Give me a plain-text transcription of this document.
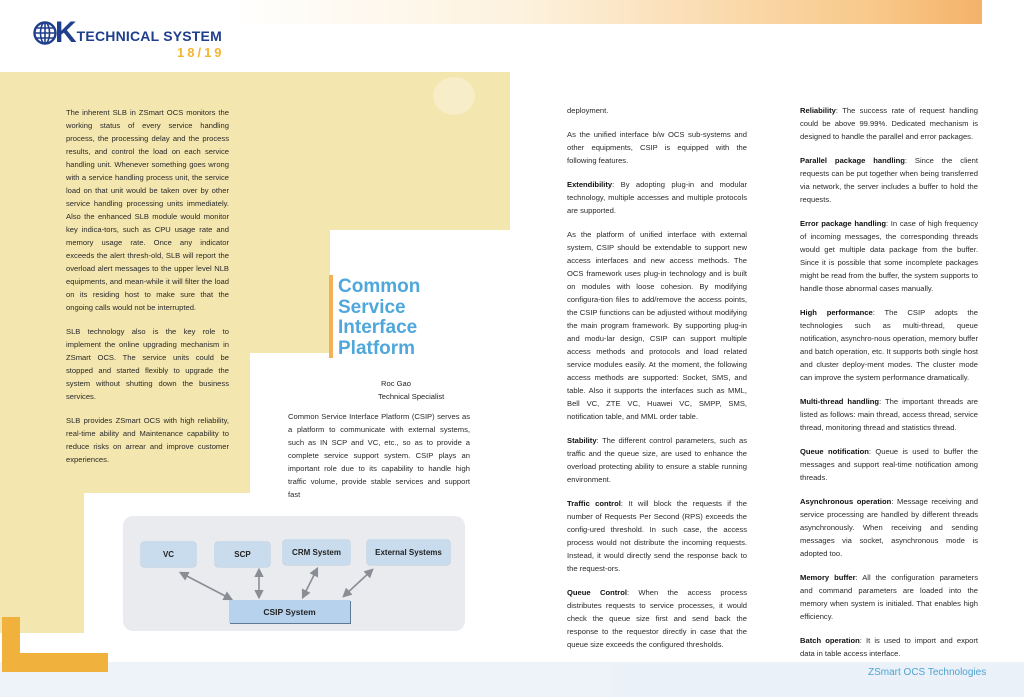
K TECHNICAL SYSTEM
18/19

The inherent SLB in ZSmart OCS monitors the working status of every service handling process, the processing delay and the process results, and control the load on each service handling unit. Whenever something goes wrong with a service handling process unit, the service load on that unit would be taken over by other service handling processing units immediately. Also the enhanced SLB module would monitor key indica-tors, such as CPU usage rate and memory usage rate. Once any indicator exceeds the alert thresh-old, SLB will report the overload alert messages to the upper level NLB equipments, and mean-while it will filter the load on its residing host to make sure that the ongoing calls would not be interrupted.

SLB technology also is the key role to implement the online upgrading mechanism in ZSmart OCS. The service units could be stopped and started flexibly to upgrade the system without shutting down the business services.

SLB provides ZSmart OCS with high reliability, real-time ability and Maintenance capability to reduce risks on arrear and improve customer experiences.

Common
Service
Interface
Platform
Roc Gao
Technical Specialist

Common Service Interface Platform (CSIP) serves as a platform to communicate with external systems, such as IN SCP and VC, etc., so as to provide a complete service support system. CSIP plays an important role due to its capability to handle high traffic volume, provide stable services and support fast

VC	SCP	CRM System	External Systems
CSIP System

deployment.

As the unified interface b/w OCS sub-systems and other equipments, CSIP is equipped with the following features.

Extendibility: By adopting plug-in and modular technology, multiple accesses and multiple protocols are supported.

As the platform of unified interface with external system, CSIP should be extendable to support new access interfaces and new access methods. The OCS framework uses plug-in technology and is built on modules with loose cohesion. By modifying configura-tion files to add/remove the access points, the CSIP functions can be adjusted without modifying the main program framework. By supporting plug-in and modu-lar design, CSIP can support multiple access methods and protocols and load related service modules easily. At the moment, the following access methods are supported: Socket, SMS, and table. Also it supports the interfaces such as MML, Bell VC, ZTE VC, Huawei VC, SMPP, SMS, notification table, and MML order table.

Stability: The different control parameters, such as traffic and the queue size, are used to enhance the overload protecting ability to ensure a stable running environment.

Traffic control: It will block the requests if the number of Requests Per Second (RPS) exceeds the config-ured threshold. In such case, the access process would not distribute the incoming requests. Instead, it would directly send the response back to the request-ors.

Queue Control: When the access process distributes requests to service processes, it would check the queue size first and send back the response to the requestor directly in case that the queue size exceeds the configured thresholds.

Reliability: The success rate of request handling could be above 99.99%. Dedicated mechanism is designed to handle the parallel and error packages.

Parallel package handling: Since the client requests can be put together when being transferred via network, the server includes a buffer to hold the requests.

Error package handling: In case of high frequency of incoming messages, the corresponding threads would get multiple data package from the buffer. Since it is possible that some incomplete packages might be read from the buffer, the system supports to handle those abnormal cases manually.

High performance: The CSIP adopts the technologies such as multi-thread, queue notification, asynchro-nous operation, memory buffer and batch operation, etc. It supports both single host and cluster deploy-ment modes. The cluster mode can improve the system performance dramatically.

Multi-thread handling: The important threads are listed as follows: main thread, access thread, service thread, monitoring thread and statistics thread.

Queue notification: Queue is used to buffer the messages and support real-time notification among threads.

Asynchronous operation: Message receiving and service processing are handled by different threads asynchronously. When receiving and sending messages via socket, asynchronous mode is adopted too.

Memory buffer: All the configuration parameters and command parameters are loaded into the memory when system is initialed. That enables high efficiency.

Batch operation: It is used to import and export data in table access interface.

ZSmart OCS Technologies
